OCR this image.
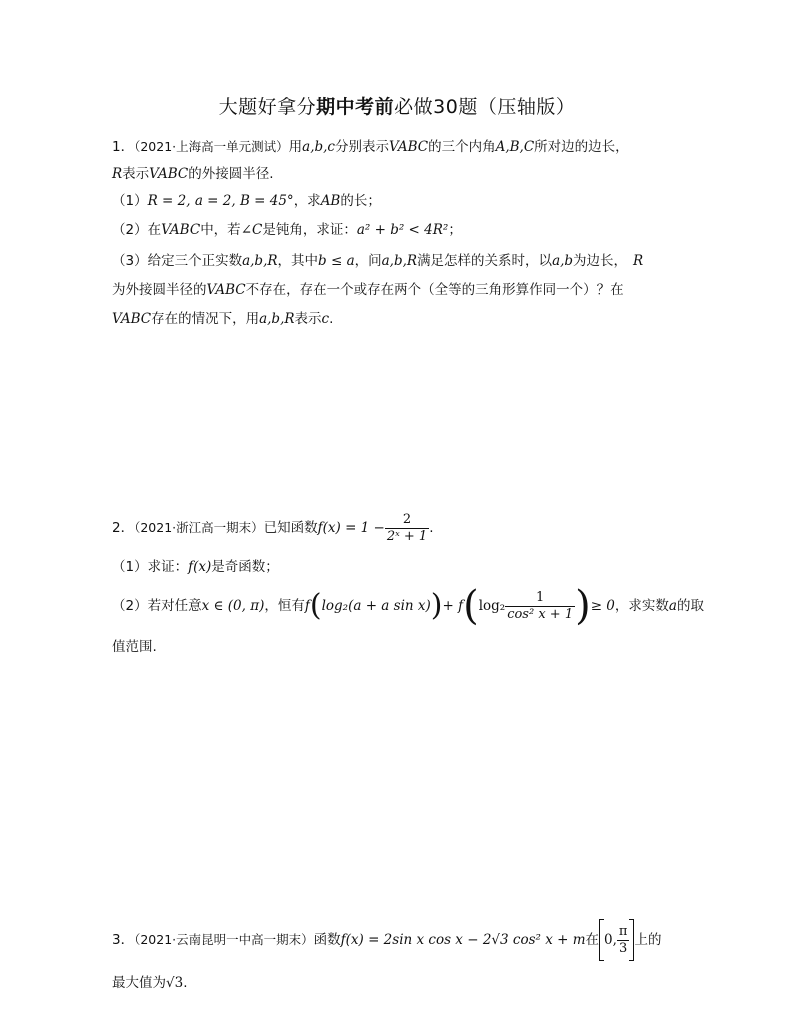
大题好拿分期中考前必做30题（压轴版）
1．（2021·上海高一单元测试）用a,b,c分别表示VABC的三个内角A,B,C所对边的边长，
R表示VABC的外接圆半径.
（1）R = 2, a = 2, B = 45°，求AB的长；
（2）在VABC中，若∠C是钝角，求证：a² + b² < 4R²；
（3）给定三个正实数a,b,R，其中b ≤ a，问a,b,R满足怎样的关系时，以a,b为边长， R
为外接圆半径的VABC不存在，存在一个或存在两个（全等的三角形算作同一个）？在
VABC存在的情况下，用a,b,R表示c.
2．（2021·浙江高一期末）已知函数$f(x) = 1 - \frac{2}{\text{2ˣ + 1}}$ .
（1）求证：f(x)是奇函数；
（2）若对任意x ∈ (0, π)，恒有f(log₂(a + a $\sin x))+ f(\log_2 \frac{1}{\text{cos² x + 1}}$ )≥ 0，求实数a的取
值范围.
3．（2021·云南昆明一中高一期末）函数f(x) = 2sin x cos x − 2√3 cos² x + m在 0, $\frac{\pi}{3}$ 上的
最大值为√3.
